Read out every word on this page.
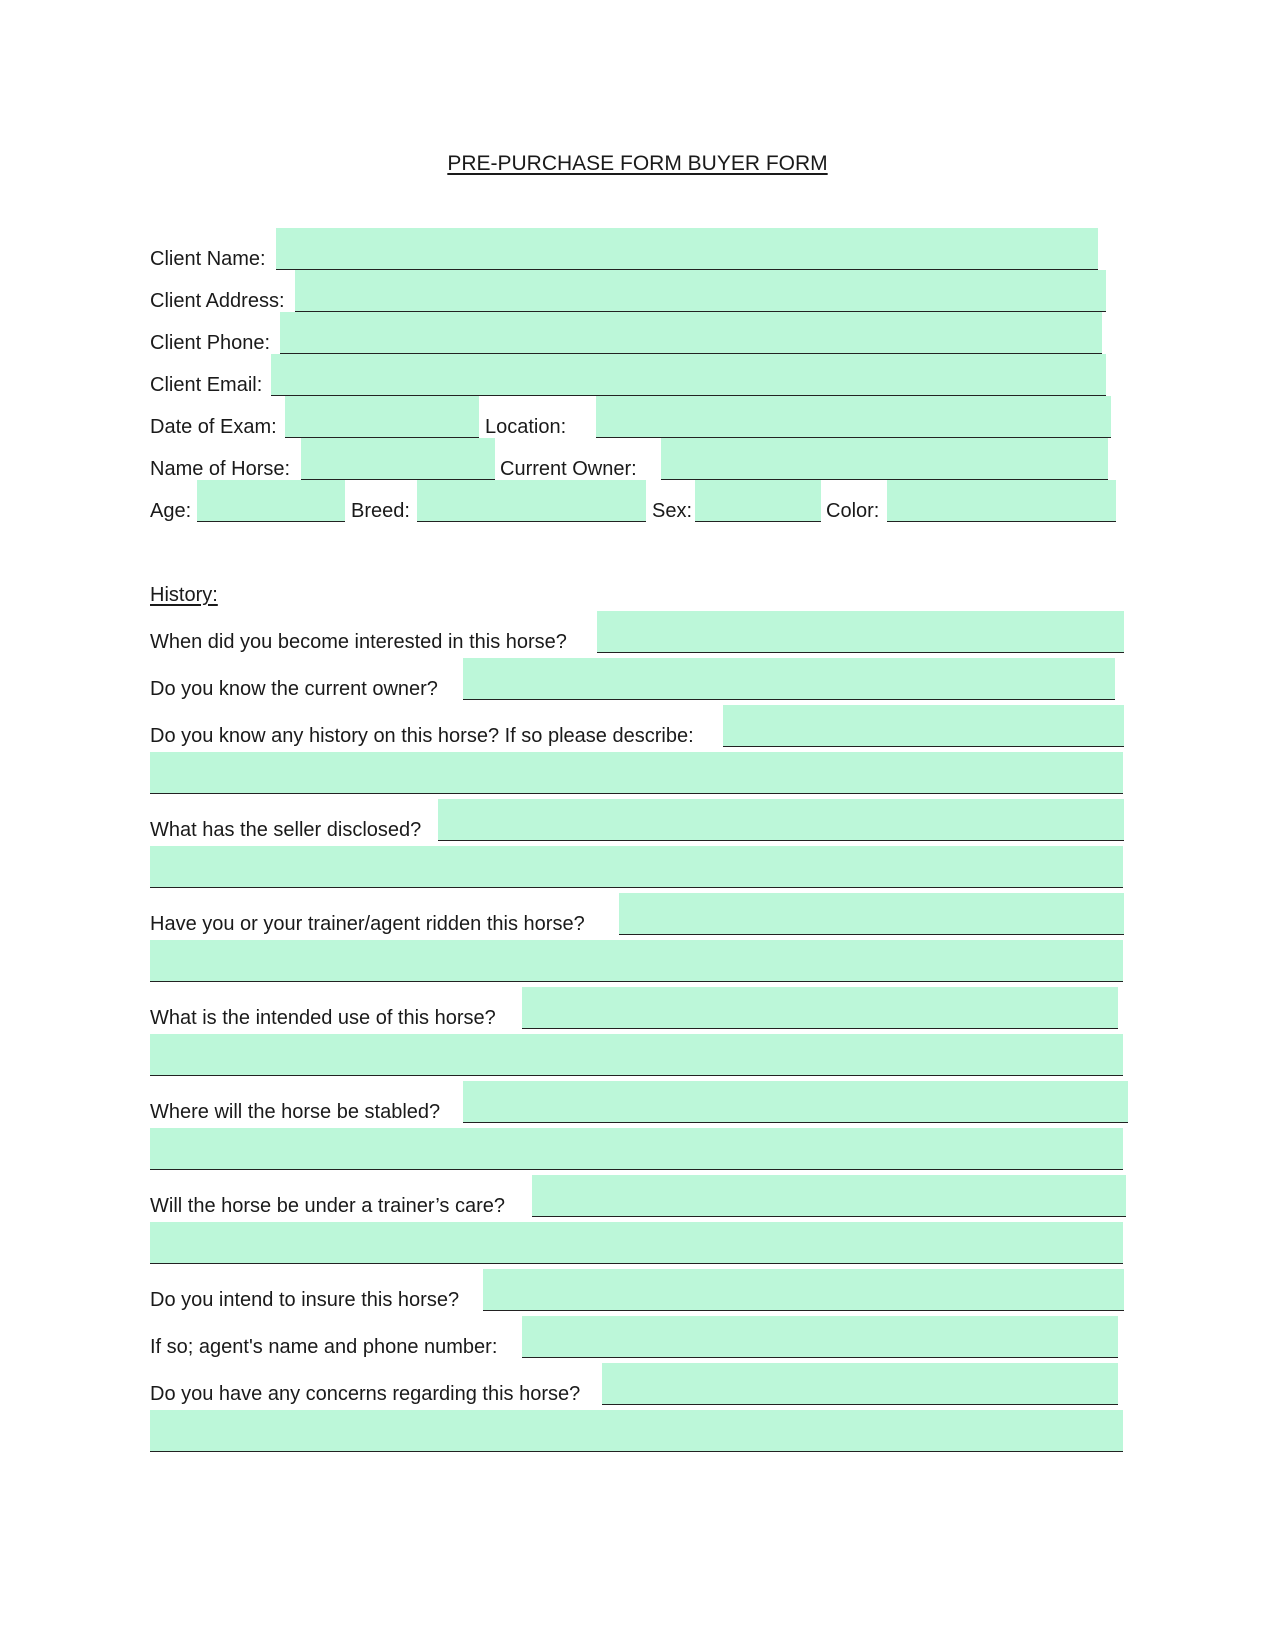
PRE-PURCHASE FORM BUYER FORM
Client Name:
Client Address:
Client Phone:
Client Email:
Date of Exam:	Location:
Name of Horse:	Current Owner:
Age:	Breed:	Sex:	Color:
History:
When did you become interested in this horse?
Do you know the current owner?
Do you know any history on this horse? If so please describe:
What has the seller disclosed?
Have you or your trainer/agent ridden this horse?
What is the intended use of this horse?
Where will the horse be stabled?
Will the horse be under a trainer’s care?
Do you intend to insure this horse?
If so; agent's name and phone number:
Do you have any concerns regarding this horse?
